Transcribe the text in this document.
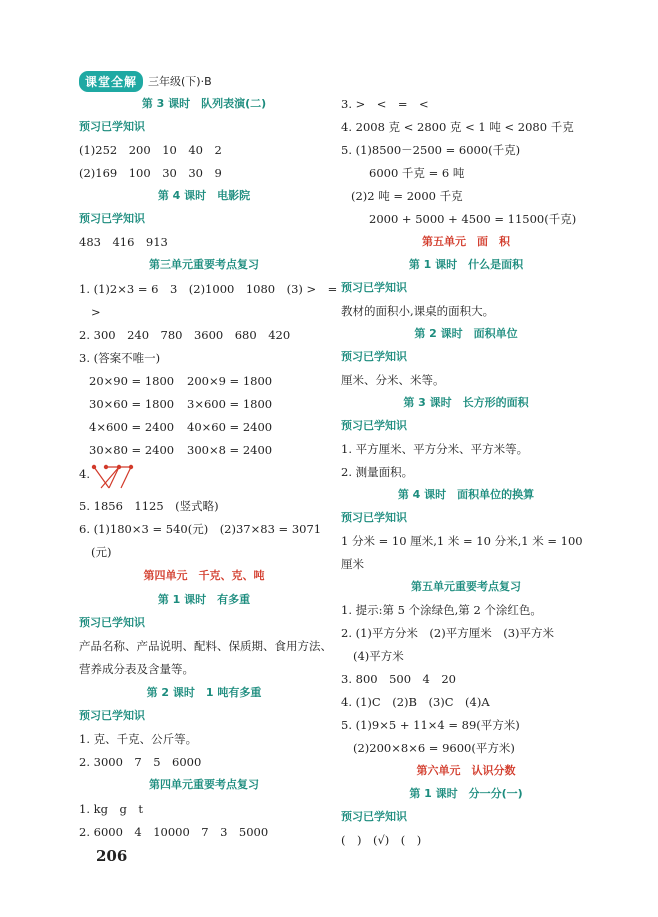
课堂全解	三年级(下)·B
第 3 课时　队列表演(二)
预习已学知识
(1)252　200　10　40　2
(2)169　100　30　30　9
第 4 课时　电影院
预习已学知识
483　416　913
第三单元重要考点复习
1. (1)2×3 = 6　3　(2)1000　1080　(3) >　=
>
2. 300　240　780　3600　680　420
3. (答案不唯一)
20×90 = 1800 200×9 = 1800
30×60 = 1800 3×600 = 1800
4×600 = 2400 40×60 = 2400
30×80 = 2400 300×8 = 2400
4.
5. 1856　1125　(竖式略)
6. (1)180×3 = 540(元)　(2)37×83 = 3071
(元)
第四单元　千克、克、吨
第 1 课时　有多重
预习已学知识
产品名称、产品说明、配料、保质期、食用方法、
营养成分表及含量等。
第 2 课时　1 吨有多重
预习已学知识
1. 克、千克、公斤等。
2. 3000　7　5　6000
第四单元重要考点复习
1. kg　g　t
2. 6000　4　10000　7　3　5000
3. >　<　=　<
4. 2008 克 < 2800 克 < 1 吨 < 2080 千克
5. (1)8500－2500 = 6000(千克)
6000 千克 = 6 吨
(2)2 吨 = 2000 千克
2000 + 5000 + 4500 = 11500(千克)
第五单元　面　积
第 1 课时　什么是面积
预习已学知识
教材的面积小,课桌的面积大。
第 2 课时　面积单位
预习已学知识
厘米、分米、米等。
第 3 课时　长方形的面积
预习已学知识
1. 平方厘米、平方分米、平方米等。
2. 测量面积。
第 4 课时　面积单位的换算
预习已学知识
1 分米 = 10 厘米,1 米 = 10 分米,1 米 = 100
厘米
第五单元重要考点复习
1. 提示:第 5 个涂绿色,第 2 个涂红色。
2. (1)平方分米　(2)平方厘米　(3)平方米
(4)平方米
3. 800　500　4　20
4. (1)C　(2)B　(3)C　(4)A
5. (1)9×5 + 11×4 = 89(平方米)
(2)200×8×6 = 9600(平方米)
第六单元　认识分数
第 1 课时　分一分(一)
预习已学知识
(　)　(√)　(　)
206
